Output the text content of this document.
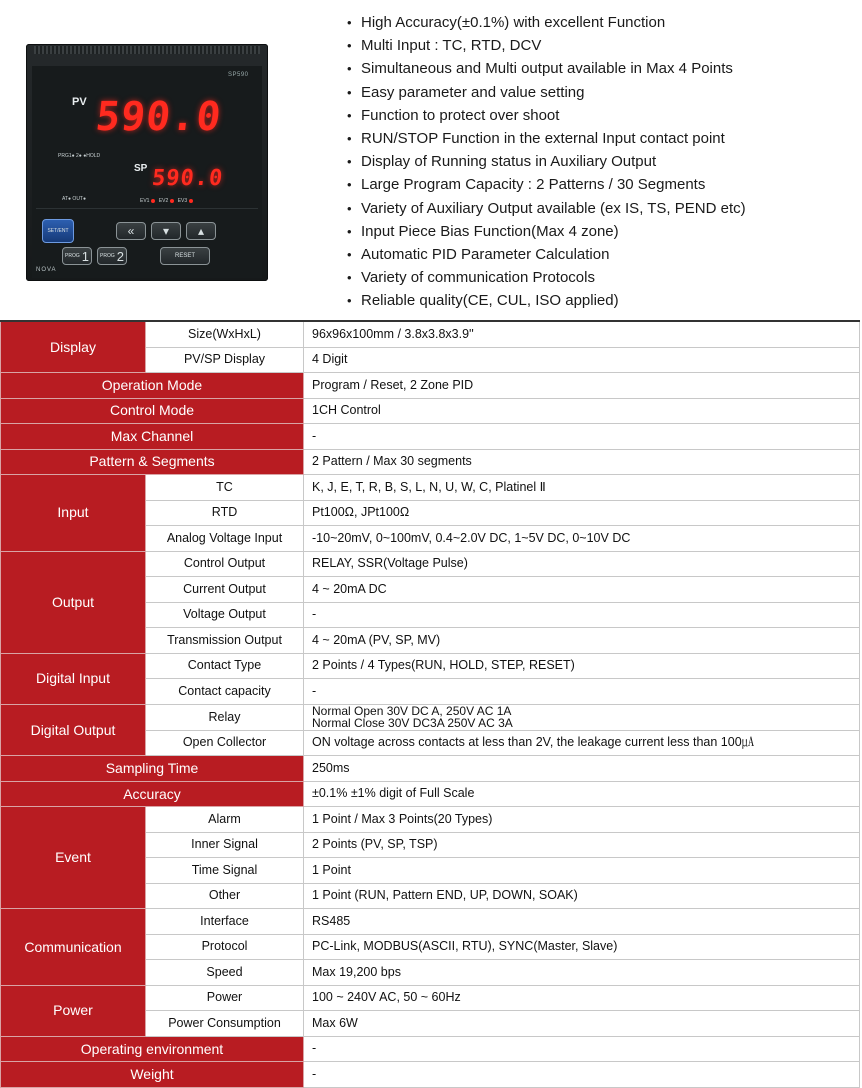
SP590
PV 590.0
SP 590.0
PRG1● 2● ●HOLD
AT● OUT●	EV1 EV2 EV3
SET/ENT	«	▾	▴
PROG 1 PROG 2	RESET
NOVA
• High Accuracy(±0.1%) with excellent Function
• Multi Input : TC, RTD, DCV
• Simultaneous and Multi output available in Max 4 Points
• Easy parameter and value setting
• Function to protect over shoot
• RUN/STOP Function in the external Input contact point
• Display of Running status in Auxiliary Output
• Large Program Capacity : 2 Patterns / 30 Segments
• Variety of Auxiliary Output available (ex IS, TS, PEND etc)
• Input Piece Bias Function(Max 4 zone)
• Automatic PID Parameter Calculation
• Variety of communication Protocols
• Reliable quality(CE, CUL, ISO applied)
Display	Size(WxHxL)	96x96x100mm / 3.8x3.8x3.9''
	PV/SP Display	4 Digit
Operation Mode		Program / Reset, 2 Zone PID
Control Mode		1CH Control
Max Channel		-
Pattern & Segments		2 Pattern / Max 30 segments
Input	TC	K, J, E, T, R, B, S, L, N, U, W, C, Platinel Ⅱ
	RTD	Pt100Ω, JPt100Ω
	Analog Voltage Input	-10~20mV, 0~100mV, 0.4~2.0V DC, 1~5V DC, 0~10V DC
Output	Control Output	RELAY, SSR(Voltage Pulse)
	Current Output	4 ~ 20mA DC
	Voltage Output	-
	Transmission Output	4 ~ 20mA (PV, SP, MV)
Digital Input	Contact Type	2 Points / 4 Types(RUN, HOLD, STEP, RESET)
	Contact capacity	-
Digital Output	Relay	Normal Open 30V DC A, 250V AC 1A
Normal Close 30V DC3A 250V AC 3A

	Open Collector	ON voltage across contacts at less than 2V, the leakage current less than 100㎂
Sampling Time		250ms
Accuracy		±0.1% ±1% digit of Full Scale
Event	Alarm	1 Point / Max 3 Points(20 Types)
	Inner Signal	2 Points (PV, SP, TSP)
	Time Signal	1 Point
	Other	1 Point (RUN, Pattern END, UP, DOWN, SOAK)
Communication	Interface	RS485
	Protocol	PC-Link, MODBUS(ASCII, RTU), SYNC(Master, Slave)
	Speed	Max 19,200 bps
Power	Power	100 ~ 240V AC, 50 ~ 60Hz
	Power Consumption	Max 6W
Operating environment		-
Weight		-
